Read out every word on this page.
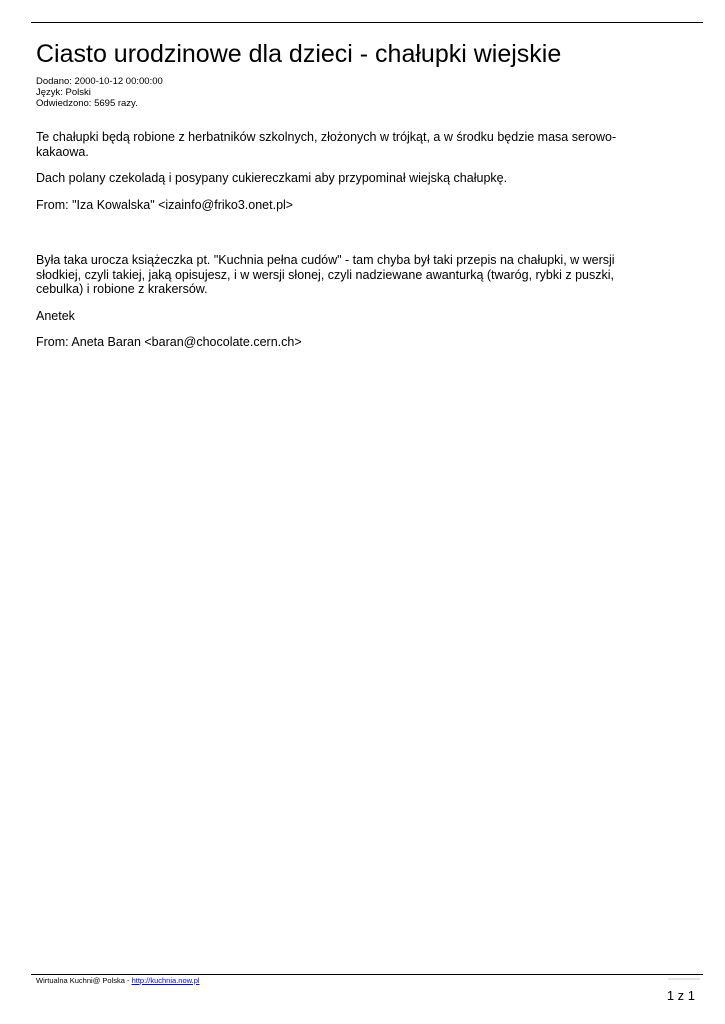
Ciasto urodzinowe dla dzieci - chałupki wiejskie
Dodano: 2000-10-12 00:00:00
Język: Polski
Odwiedzono: 5695 razy.

Te chałupki będą robione z herbatników szkolnych, złożonych w trójkąt, a w środku będzie masa serowo-kakaowa.

Dach polany czekoladą i posypany cukiereczkami aby przypominał wiejską chałupkę.

From: "Iza Kowalska" <izainfo@friko3.onet.pl>

Była taka urocza książeczka pt. "Kuchnia pełna cudów" - tam chyba był taki przepis na chałupki, w wersji słodkiej, czyli takiej, jaką opisujesz, i w wersji słonej, czyli nadziewane awanturką (twaróg, rybki z puszki, cebulka) i robione z krakersów.

Anetek

From: Aneta Baran <baran@chocolate.cern.ch>

Wirtualna Kuchni@ Polska - http://kuchnia.now.pl
1 z 1
